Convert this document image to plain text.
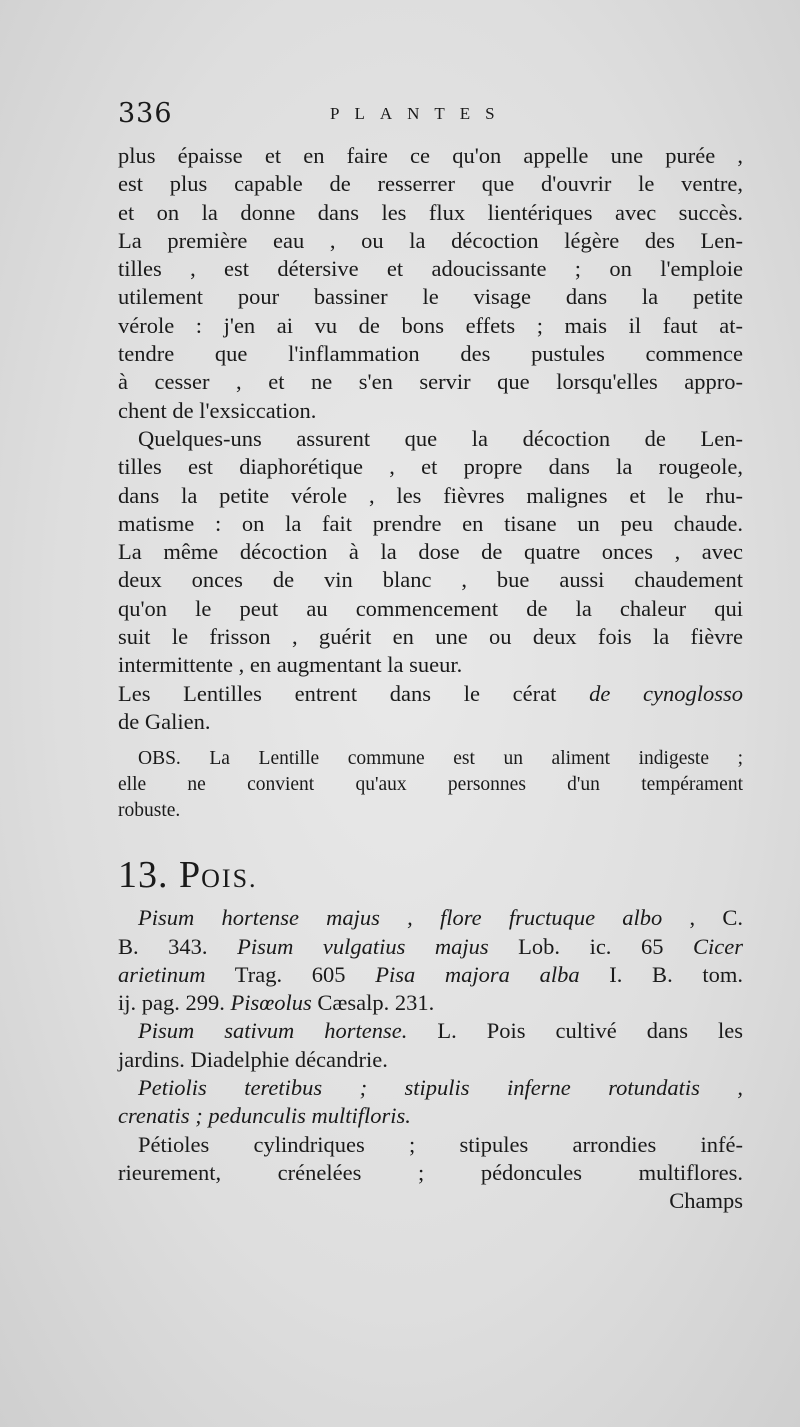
336	PLANTES
plus épaisse et en faire ce qu'on appelle une purée ,
est plus capable de resserrer que d'ouvrir le ventre,
et on la donne dans les flux lientériques avec succès.
La première eau , ou la décoction légère des Len-
tilles , est détersive et adoucissante ; on l'emploie
utilement pour bassiner le visage dans la petite
vérole : j'en ai vu de bons effets ; mais il faut at-
tendre que l'inflammation des pustules commence
à cesser , et ne s'en servir que lorsqu'elles appro-
chent de l'exsiccation.
Quelques-uns assurent que la décoction de Len-
tilles est diaphorétique , et propre dans la rougeole,
dans la petite vérole , les fièvres malignes et le rhu-
matisme : on la fait prendre en tisane un peu chaude.
La même décoction à la dose de quatre onces , avec
deux onces de vin blanc , bue aussi chaudement
qu'on le peut au commencement de la chaleur qui
suit le frisson , guérit en une ou deux fois la fièvre
intermittente , en augmentant la sueur.
Les Lentilles entrent dans le cérat de cynoglosso
de Galien.
OBS. La Lentille commune est un aliment indigeste ;
elle ne convient qu'aux personnes d'un tempérament
robuste.
13. POIS.
Pisum hortense majus , flore fructuque albo , C.
B. 343. Pisum vulgatius majus Lob. ic. 65 Cicer
arietinum Trag. 605 Pisa majora alba I. B. tom.
ij. pag. 299. Pisœolus Cæsalp. 231.
Pisum sativum hortense. L. Pois cultivé dans les
jardins. Diadelphie décandrie.
Petiolis teretibus ; stipulis inferne rotundatis ,
crenatis ; pedunculis multifloris.
Pétioles cylindriques ; stipules arrondies infé-
rieurement, crénelées ; pédoncules multiflores.
Champs
